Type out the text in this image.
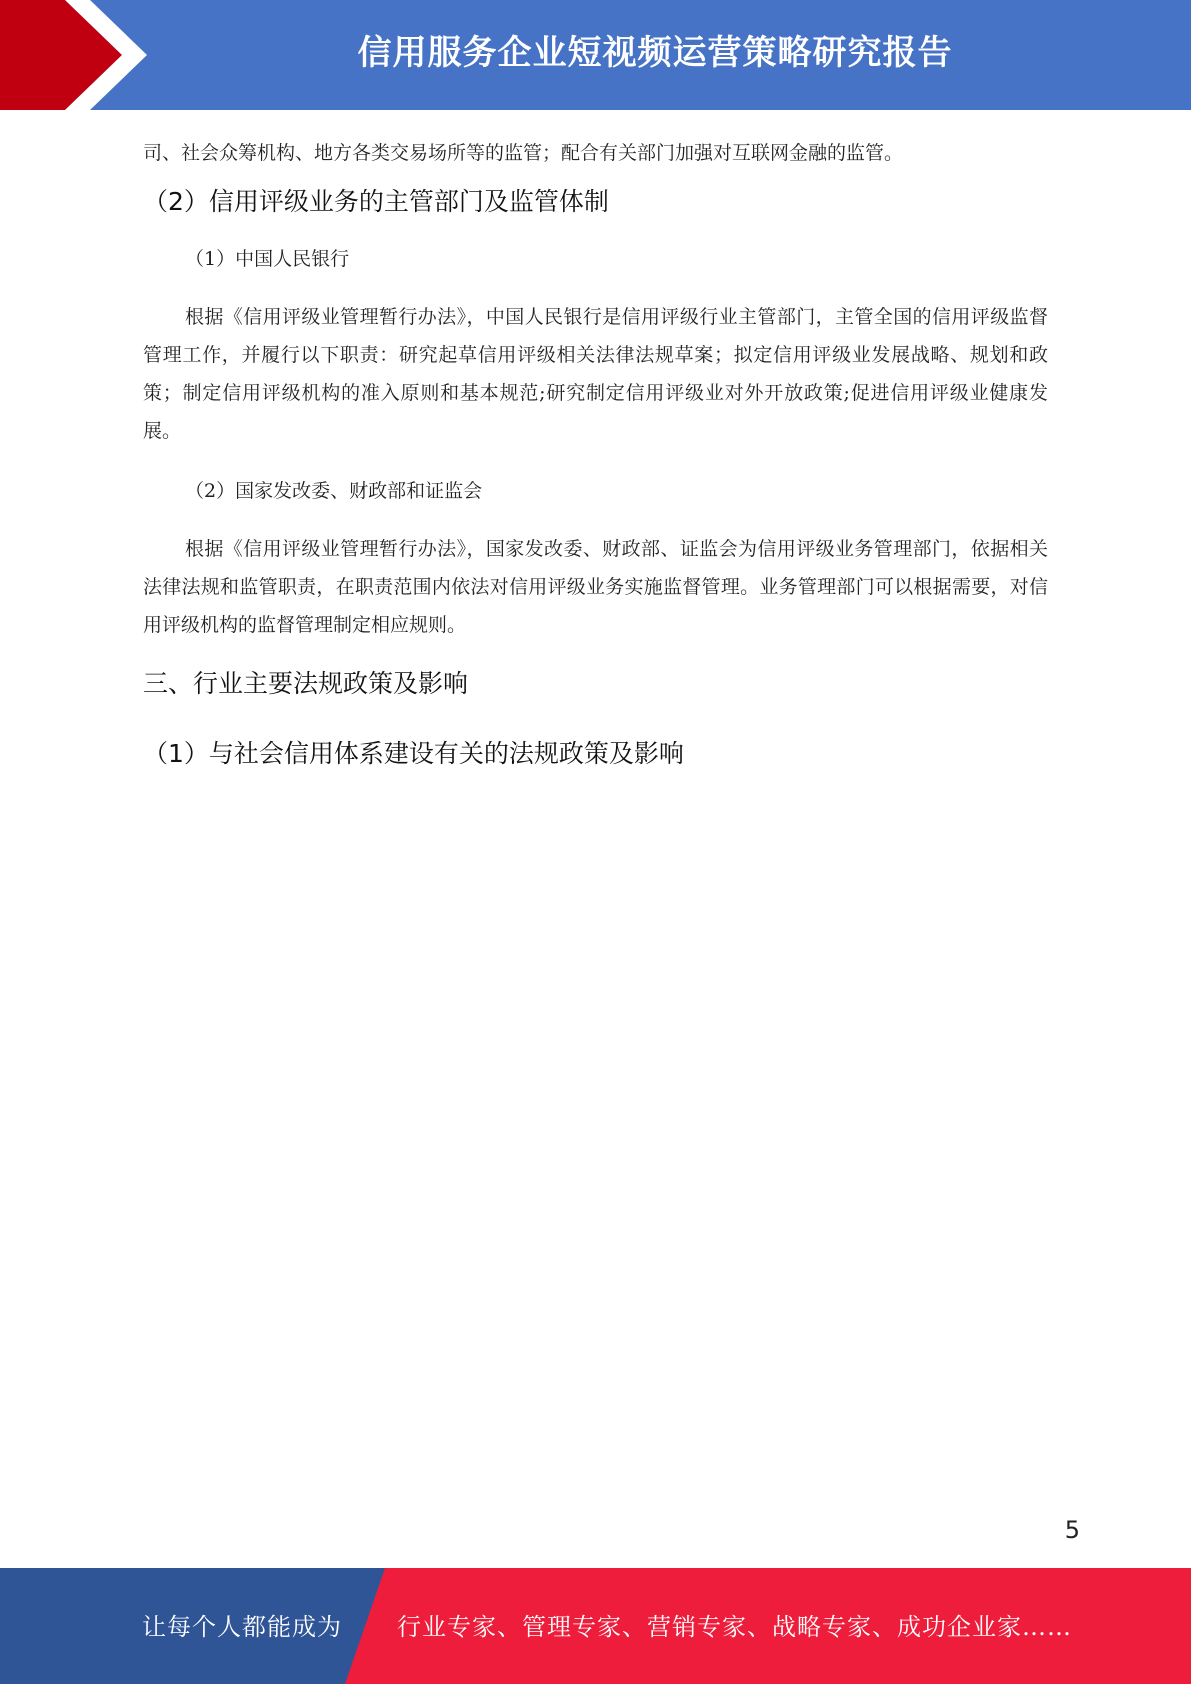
信用服务企业短视频运营策略研究报告

司、社会众筹机构、地方各类交易场所等的监管；配合有关部门加强对互联网金融的监管。

（2）信用评级业务的主管部门及监管体制

（1）中国人民银行

根据《信用评级业管理暂行办法》，中国人民银行是信用评级行业主管部门，主管全国的信用评级监督管理工作，并履行以下职责：研究起草信用评级相关法律法规草案；拟定信用评级业发展战略、规划和政策；制定信用评级机构的准入原则和基本规范;研究制定信用评级业对外开放政策;促进信用评级业健康发展。

（2）国家发改委、财政部和证监会

根据《信用评级业管理暂行办法》，国家发改委、财政部、证监会为信用评级业务管理部门，依据相关法律法规和监管职责，在职责范围内依法对信用评级业务实施监督管理。业务管理部门可以根据需要，对信用评级机构的监督管理制定相应规则。

三、行业主要法规政策及影响
（1）与社会信用体系建设有关的法规政策及影响
5
让每个人都能成为 行业专家、管理专家、营销专家、战略专家、成功企业家……
